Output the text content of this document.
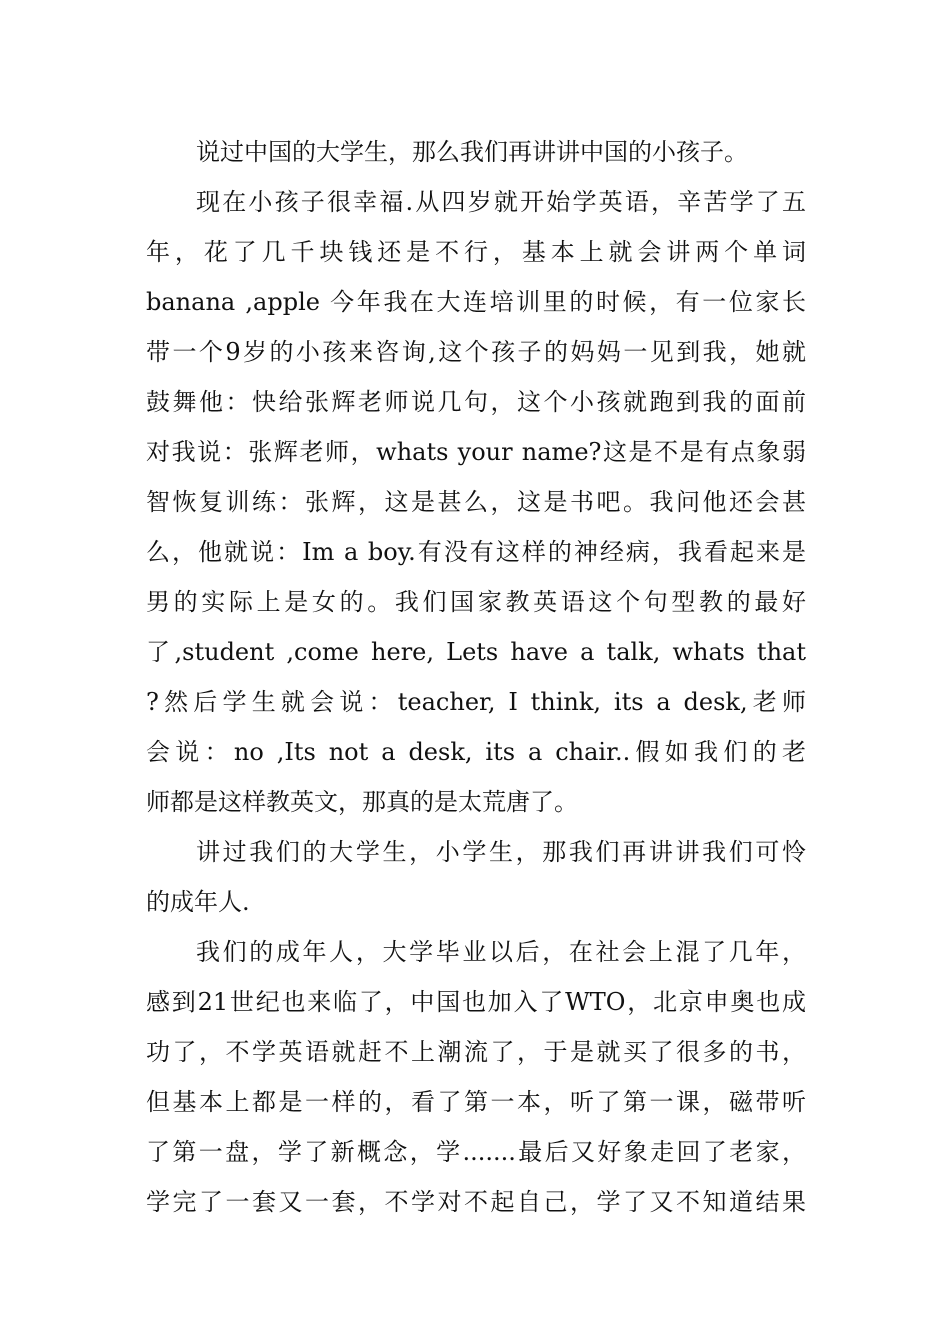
说过中国的大学生，那么我们再讲讲中国的小孩子。
现在小孩子很幸福.从四岁就开始学英语，辛苦学了五
年，花了几千块钱还是不行，基本上就会讲两个单词
banana ,apple 今年我在大连培训里的时候，有一位家长
带一个9岁的小孩来咨询,这个孩子的妈妈一见到我，她就
鼓舞他：快给张辉老师说几句，这个小孩就跑到我的面前
对我说：张辉老师，whats your name?这是不是有点象弱
智恢复训练：张辉，这是甚么，这是书吧。我问他还会甚
么，他就说：Im a boy.有没有这样的神经病，我看起来是
男的实际上是女的。我们国家教英语这个句型教的最好
了,student ,come here, Lets have a talk, whats that
?然后学生就会说：teacher, I think, its a desk,老师
会说：no ,Its not a desk, its a chair..假如我们的老
师都是这样教英文，那真的是太荒唐了。
讲过我们的大学生，小学生，那我们再讲讲我们可怜
的成年人.
我们的成年人，大学毕业以后，在社会上混了几年，
感到21世纪也来临了，中国也加入了WTO，北京申奥也成
功了，不学英语就赶不上潮流了，于是就买了很多的书，
但基本上都是一样的，看了第一本，听了第一课，磁带听
了第一盘，学了新概念，学.......最后又好象走回了老家，
学完了一套又一套，不学对不起自己，学了又不知道结果
